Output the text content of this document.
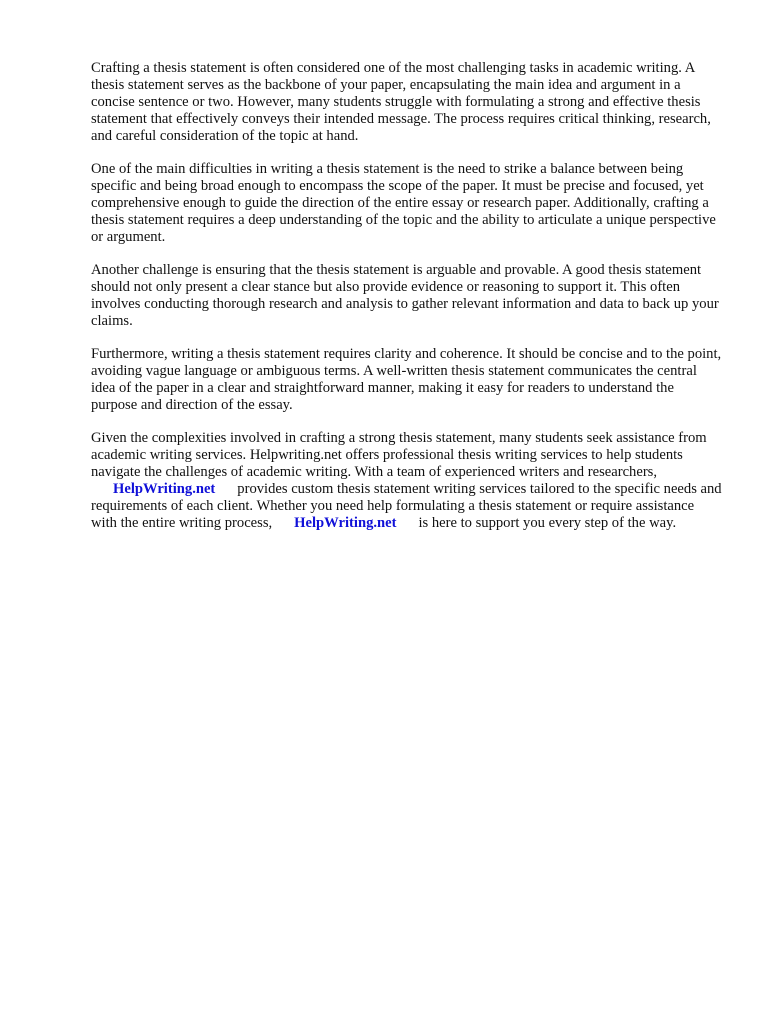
Crafting a thesis statement is often considered one of the most challenging tasks in academic writing. A thesis statement serves as the backbone of your paper, encapsulating the main idea and argument in a concise sentence or two. However, many students struggle with formulating a strong and effective thesis statement that effectively conveys their intended message. The process requires critical thinking, research, and careful consideration of the topic at hand.

One of the main difficulties in writing a thesis statement is the need to strike a balance between being specific and being broad enough to encompass the scope of the paper. It must be precise and focused, yet comprehensive enough to guide the direction of the entire essay or research paper. Additionally, crafting a thesis statement requires a deep understanding of the topic and the ability to articulate a unique perspective or argument.

Another challenge is ensuring that the thesis statement is arguable and provable. A good thesis statement should not only present a clear stance but also provide evidence or reasoning to support it. This often involves conducting thorough research and analysis to gather relevant information and data to back up your claims.

Furthermore, writing a thesis statement requires clarity and coherence. It should be concise and to the point, avoiding vague language or ambiguous terms. A well-written thesis statement communicates the central idea of the paper in a clear and straightforward manner, making it easy for readers to understand the purpose and direction of the essay.

Given the complexities involved in crafting a strong thesis statement, many students seek assistance from academic writing services. Helpwriting.net offers professional thesis writing services to help students navigate the challenges of academic writing. With a team of experienced writers and researchers,HelpWriting.net provides custom thesis statement writing services tailored to the specific needs and requirements of each client. Whether you need help formulating a thesis statement or require assistance with the entire writing process, HelpWriting.net is here to support you every step of the way.
